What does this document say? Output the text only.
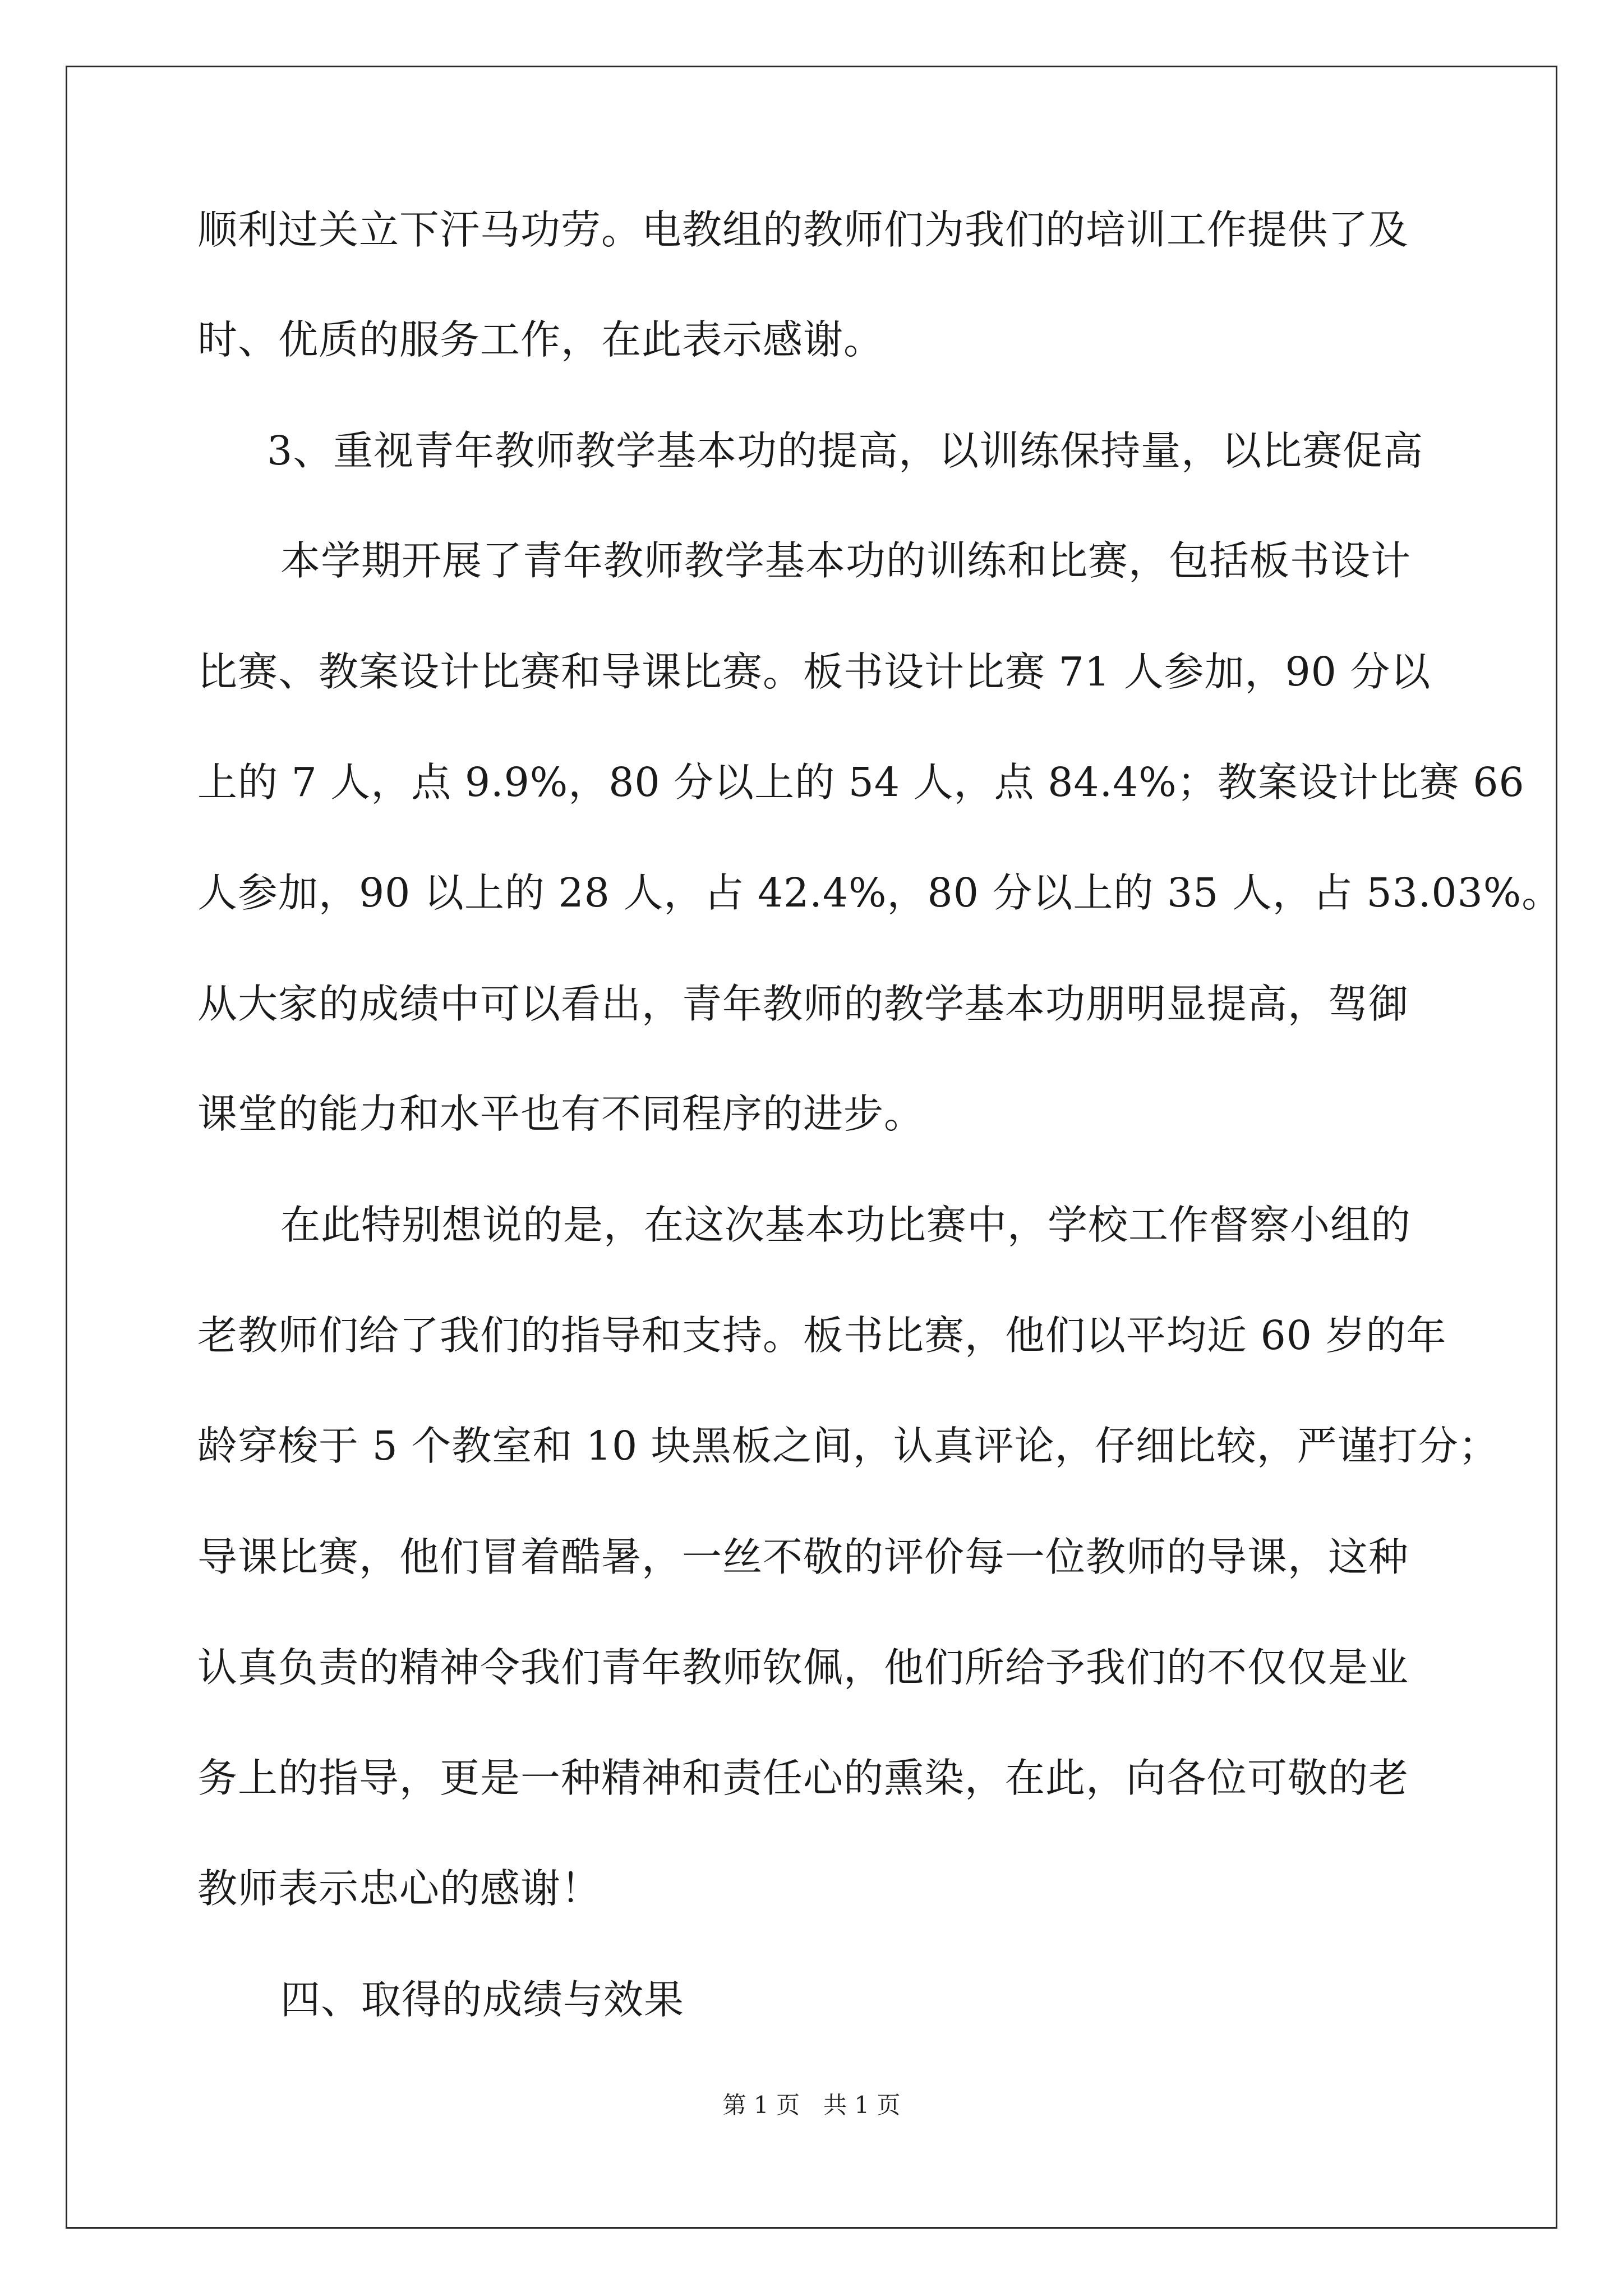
顺利过关立下汗马功劳。电教组的教师们为我们的培训工作提供了及
时、优质的服务工作，在此表示感谢。
3、重视青年教师教学基本功的提高，以训练保持量，以比赛促高
本学期开展了青年教师教学基本功的训练和比赛，包括板书设计
比赛、教案设计比赛和导课比赛。板书设计比赛 71 人参加，90 分以
上的 7 人，点 9.9%，80 分以上的 54 人，点 84.4%；教案设计比赛 66
人参加，90 以上的 28 人，占 42.4%，80 分以上的 35 人，占 53.03%。
从大家的成绩中可以看出，青年教师的教学基本功朋明显提高，驾御
课堂的能力和水平也有不同程序的进步。
在此特别想说的是，在这次基本功比赛中，学校工作督察小组的
老教师们给了我们的指导和支持。板书比赛，他们以平均近 60 岁的年
龄穿梭于 5 个教室和 10 块黑板之间，认真评论，仔细比较，严谨打分；
导课比赛，他们冒着酷暑，一丝不敬的评价每一位教师的导课，这种
认真负责的精神令我们青年教师钦佩，他们所给予我们的不仅仅是业
务上的指导，更是一种精神和责任心的熏染，在此，向各位可敬的老
教师表示忠心的感谢！
四、取得的成绩与效果
第 1 页　共 1 页
